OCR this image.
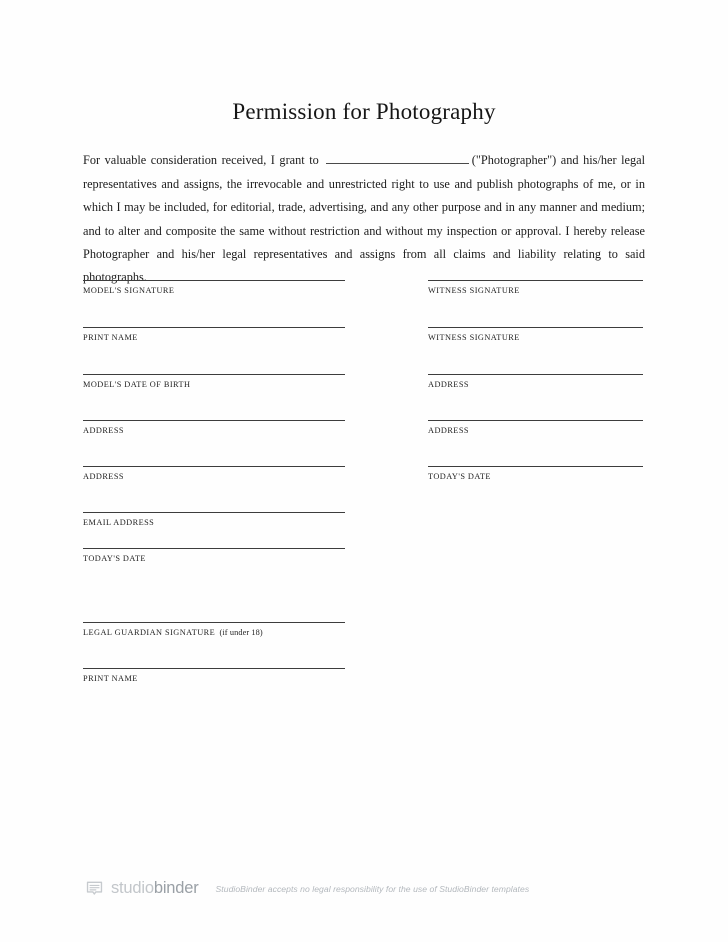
Permission for Photography

For valuable consideration received, I grant to	("Photographer") and his/her legal representatives and assigns, the irrevocable and unrestricted right to use and publish photographs of me, or in which I may be included, for editorial, trade, advertising, and any other purpose and in any manner and medium; and to alter and composite the same without restriction and without my inspection or approval. I hereby release Photographer and his/her legal representatives and assigns from all claims and liability relating to said photographs.

MODEL'S SIGNATURE
PRINT NAME
MODEL'S DATE OF BIRTH
ADDRESS
ADDRESS
EMAIL ADDRESS
TODAY'S DATE
LEGAL GUARDIAN SIGNATURE (if under 18)
PRINT NAME
WITNESS SIGNATURE
WITNESS SIGNATURE
ADDRESS
ADDRESS
TODAY'S DATE
studiobinder StudioBinder accepts no legal responsibility for the use of StudioBinder templates
